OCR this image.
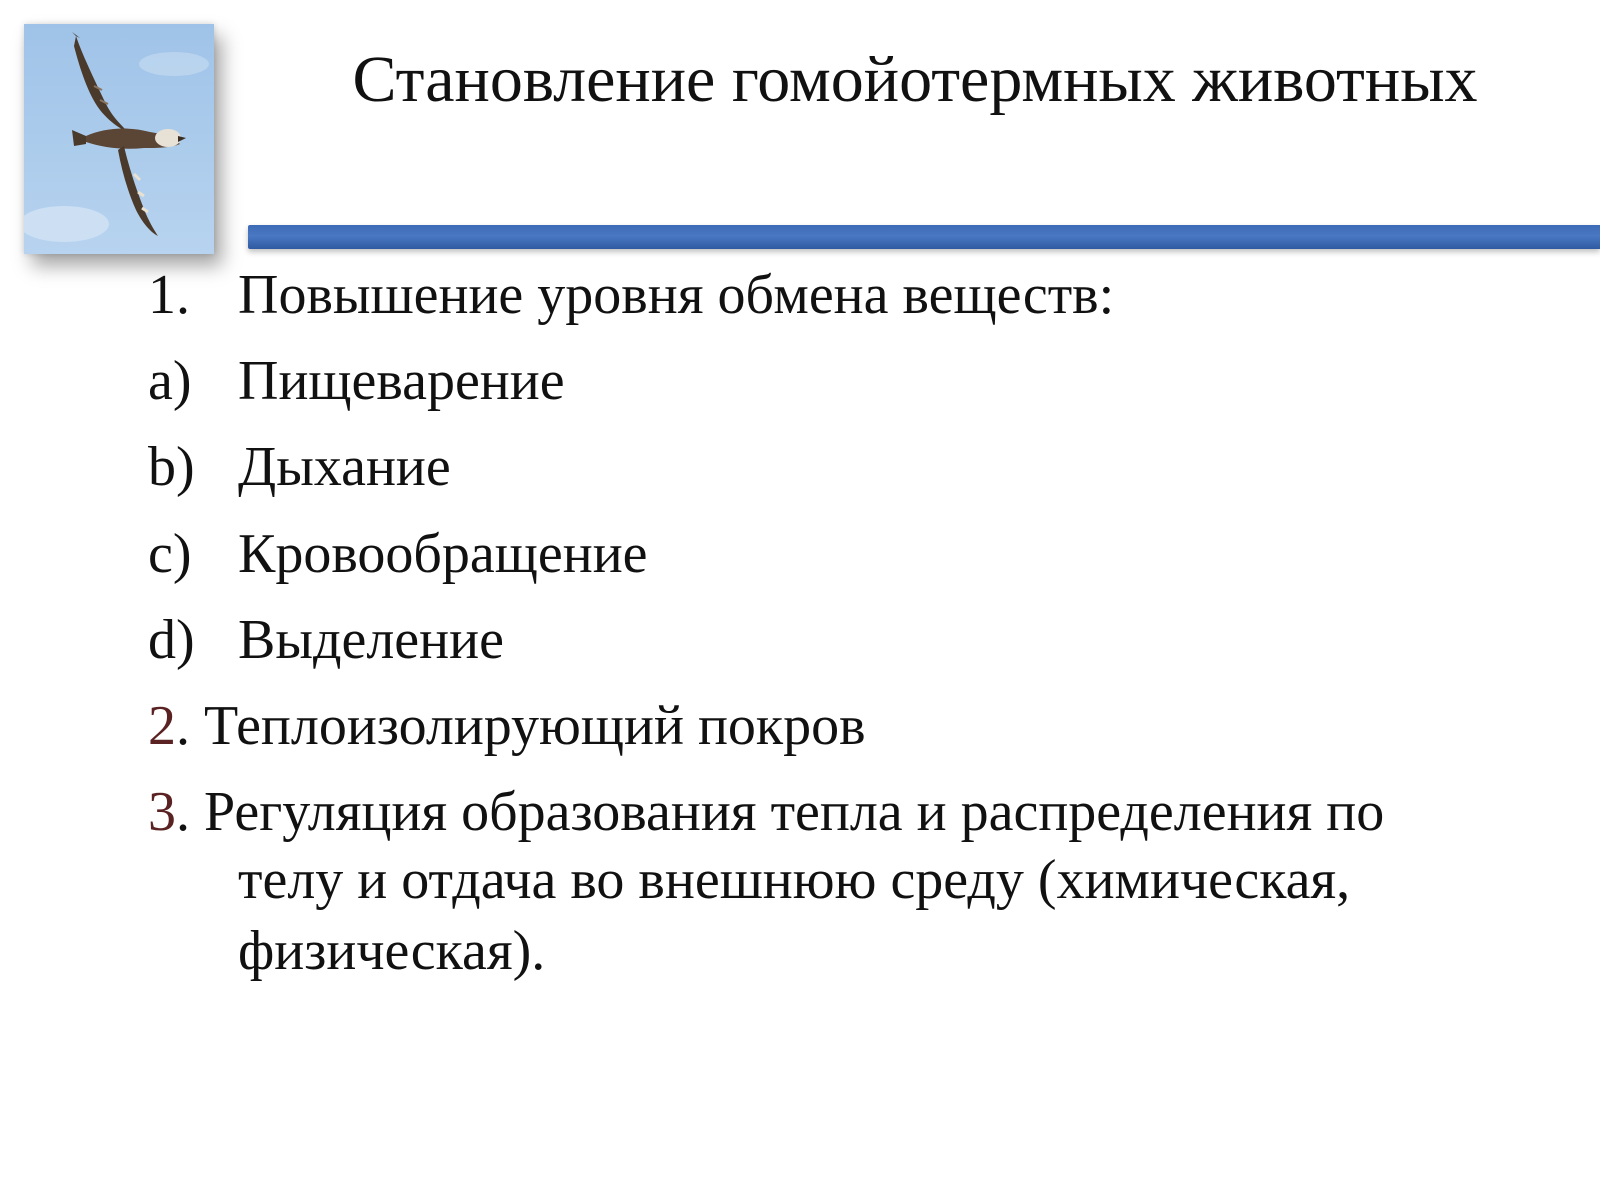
Становление гомойотермных животных
1. Повышение уровня обмена веществ:
a) Пищеварение
b) Дыхание
c) Кровообращение
d) Выделение
2. Теплоизолирующий покров
3. Регуляция образования тепла и распределения по
телу и отдача во внешнюю среду (химическая,
физическая).
